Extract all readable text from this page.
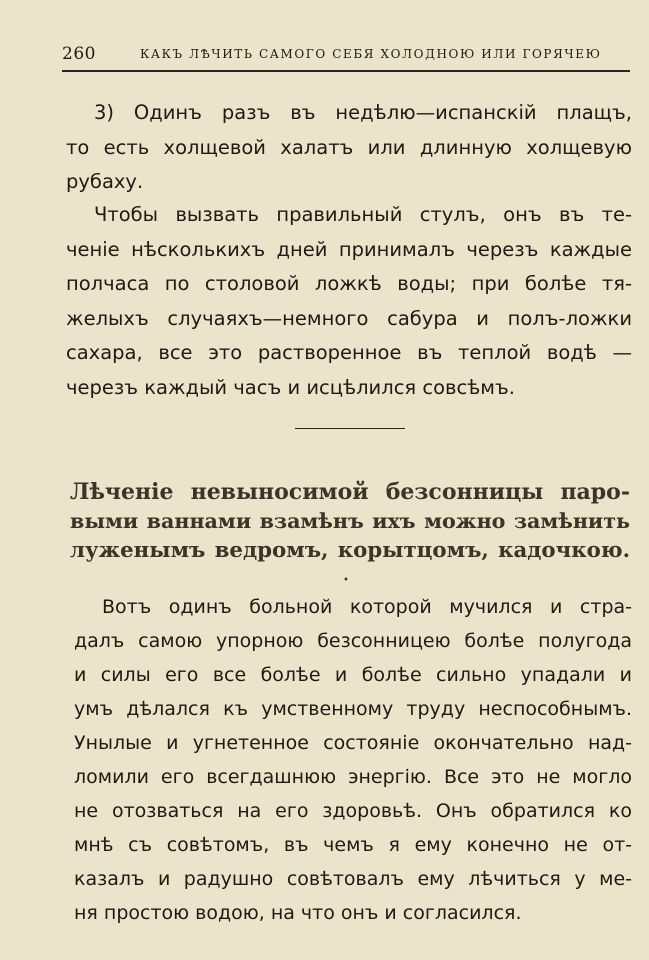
260	КАКЪ ЛѢЧИТЬ САМОГО СЕБЯ ХОЛОДНОЮ ИЛИ ГОРЯЧЕЮ
3) Одинъ разъ въ недѣлю—испанскій плащъ,
то есть холщевой халатъ или длинную холщевую
рубаху.
Чтобы вызвать правильный стулъ, онъ въ те-
ченіе нѣсколькихъ дней принималъ черезъ каждые
полчаса по столовой ложкѣ воды; при болѣе тя-
желыхъ случаяхъ—немного сабура и полъ-ложки
сахара, все это растворенное въ теплой водѣ —
черезъ каждый часъ и исцѣлился совсѣмъ.
Лѣченіе невыносимой безсонницы паро-
выми ваннами взамѣнъ ихъ можно замѣнить
луженымъ ведромъ, корытцомъ, кадочкою.
•
Вотъ одинъ больной которой мучился и стра-
далъ самою упорною безсонницею болѣе полугода
и силы его все болѣе и болѣе сильно упадали и
умъ дѣлался къ умственному труду неспособнымъ.
Унылые и угнетенное состояніе окончательно над-
ломили его всегдашнюю энергію. Все это не могло
не отозваться на его здоровьѣ. Онъ обратился ко
мнѣ съ совѣтомъ, въ чемъ я ему конечно не от-
казалъ и радушно совѣтовалъ ему лѣчиться у ме-
ня простою водою, на что онъ и согласился.
